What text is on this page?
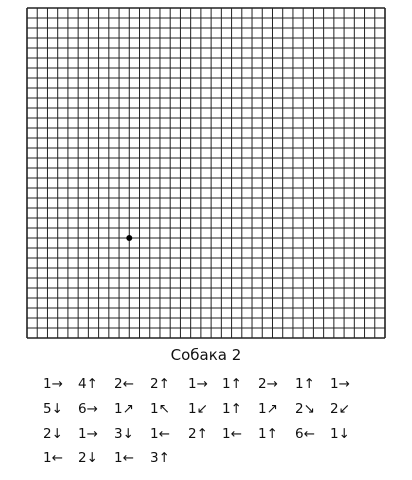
Собака 2
1→ 4↑ 2← 2↑ 1→ 1↑ 2→ 1↑ 1→
5↓ 6→ 1↗ 1↖ 1↙ 1↑ 1↗ 2↘ 2↙
2↓ 1→ 3↓ 1← 2↑ 1← 1↑ 6← 1↓
1← 2↓ 1← 3↑
